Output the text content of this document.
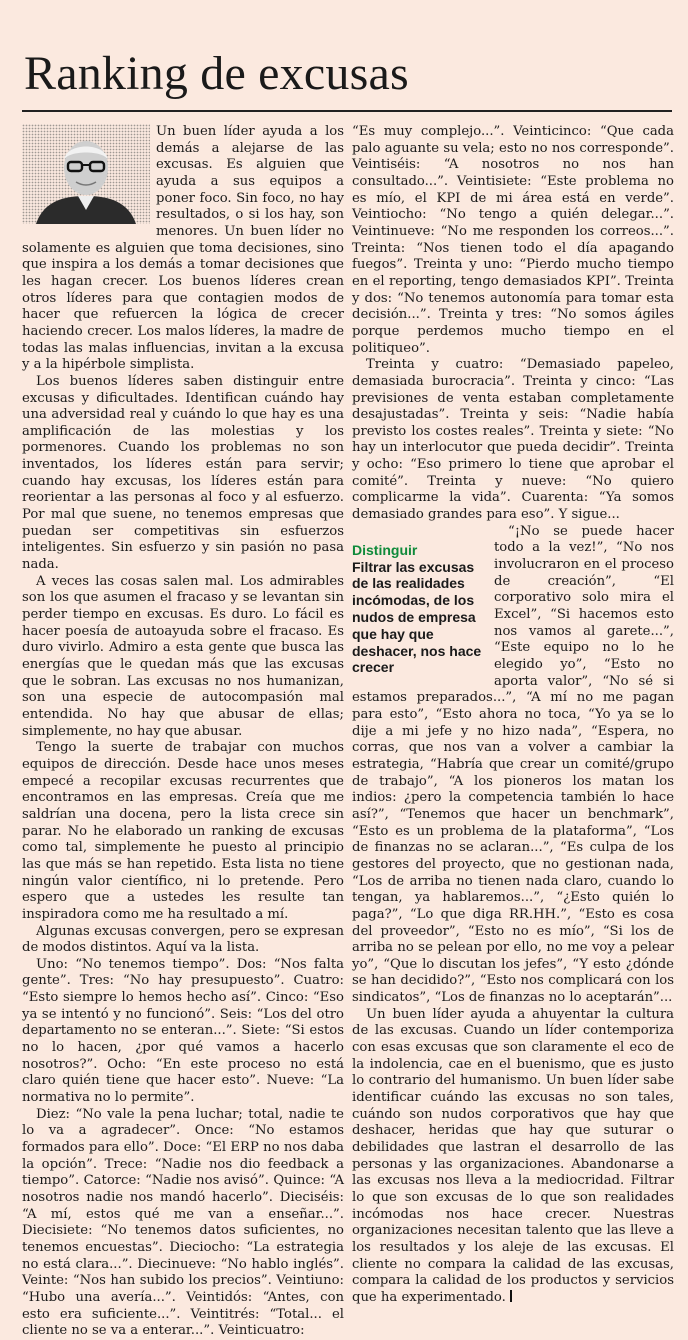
Ranking de excusas

Un buen líder ayuda a los demás a alejarse de las excusas. Es alguien que ayuda a sus equipos a poner foco. Sin foco, no hay resultados, o si los hay, son menores. Un buen líder no solamente es alguien que toma decisiones, sino que inspira a los demás a tomar decisiones que les hagan crecer. Los buenos líderes crean otros líderes para que contagien modos de hacer que refuercen la lógica de crecer haciendo crecer. Los malos líderes, la madre de todas las malas influencias, invitan a la excusa y a la hipérbole simplista.

Los buenos líderes saben distinguir entre excusas y dificultades. Identifican cuándo hay una adversidad real y cuándo lo que hay es una amplificación de las molestias y los pormenores. Cuando los problemas no son inventados, los líderes están para servir; cuando hay excusas, los líderes están para reorientar a las personas al foco y al esfuerzo. Por mal que suene, no tenemos empresas que puedan ser competitivas sin esfuerzos inteligentes. Sin esfuerzo y sin pasión no pasa nada.

A veces las cosas salen mal. Los admirables son los que asumen el fracaso y se levantan sin perder tiempo en excusas. Es duro. Lo fácil es hacer poesía de autoayuda sobre el fracaso. Es duro vivirlo. Admiro a esta gente que busca las energías que le quedan más que las excusas que le sobran. Las excusas no nos humanizan, son una especie de autocompasión mal entendida. No hay que abusar de ellas; simplemente, no hay que abusar.

Tengo la suerte de trabajar con muchos equipos de dirección. Desde hace unos meses empecé a recopilar excusas recurrentes que encontramos en las empresas. Creía que me saldrían una docena, pero la lista crece sin parar. No he elaborado un ranking de excusas como tal, simplemente he puesto al principio las que más se han repetido. Esta lista no tiene ningún valor científico, ni lo pretende. Pero espero que a ustedes les resulte tan inspiradora como me ha resultado a mí.

Algunas excusas convergen, pero se expresan de modos distintos. Aquí va la lista.

Uno: “No tenemos tiempo”. Dos: “Nos falta gente”. Tres: “No hay presupuesto”. Cuatro: “Esto siempre lo hemos hecho así”. Cinco: “Eso ya se intentó y no funcionó”. Seis: “Los del otro departamento no se enteran...”. Siete: “Si estos no lo hacen, ¿por qué vamos a hacerlo nosotros?”. Ocho: “En este proceso no está claro quién tiene que hacer esto”. Nueve: “La normativa no lo permite”.

Diez: “No vale la pena luchar; total, nadie te lo va a agradecer”. Once: “No estamos formados para ello”. Doce: “El ERP no nos daba la opción”. Trece: “Nadie nos dio feedback a tiempo”. Catorce: “Nadie nos avisó”. Quince: “A nosotros nadie nos mandó hacerlo”. Dieciséis: “A mí, estos qué me van a enseñar...”. Diecisiete: “No tenemos datos suficientes, no tenemos encuestas”. Dieciocho: “La estrategia no está clara...”. Diecinueve: “No hablo inglés”. Veinte: “Nos han subido los precios”. Veintiuno: “Hubo una avería...”. Veintidós: “Antes, con esto era suficiente...”. Veintitrés: “Total... el cliente no se va a enterar...”. Veinticuatro:

“Es muy complejo...”. Veinticinco: “Que cada palo aguante su vela; esto no nos corresponde”. Veintiséis: “A nosotros no nos han consultado...”. Veintisiete: “Este problema no es mío, el KPI de mi área está en verde”. Veintiocho: “No tengo a quién delegar...”. Veintinueve: “No me responden los correos...”. Treinta: “Nos tienen todo el día apagando fuegos”. Treinta y uno: “Pierdo mucho tiempo en el reporting, tengo demasiados KPI”. Treinta y dos: “No tenemos autonomía para tomar esta decisión...”. Treinta y tres: “No somos ágiles porque perdemos mucho tiempo en el politiqueo”.

Treinta y cuatro: “Demasiado papeleo, demasiada burocracia”. Treinta y cinco: “Las previsiones de venta estaban completamente desajustadas”. Treinta y seis: “Nadie había previsto los costes reales”. Treinta y siete: “No hay un interlocutor que pueda decidir”. Treinta y ocho: “Eso primero lo tiene que aprobar el comité”. Treinta y nueve: “No quiero complicarme la vida”. Cuarenta: “Ya somos demasiado grandes para eso”. Y sigue...

Distinguir
Filtrar las excusas de las realidades incómodas, de los nudos de empresa que hay que deshacer, nos hace crecer

“¡No se puede hacer todo a la vez!”, “No nos involucraron en el proceso de creación”, “El corporativo solo mira el Excel”, “Si hacemos esto nos vamos al garete...”, “Este equipo no lo he elegido yo”, “Esto no aporta valor”, “No sé si estamos preparados...”, “A mí no me pagan para esto”, “Esto ahora no toca, “Yo ya se lo dije a mi jefe y no hizo nada”, “Espera, no corras, que nos van a volver a cambiar la estrategia, “Habría que crear un comité/grupo de trabajo”, “A los pioneros los matan los indios: ¿pero la competencia también lo hace así?”, “Tenemos que hacer un benchmark”, “Esto es un problema de la plataforma”, “Los de finanzas no se aclaran...”, “Es culpa de los gestores del proyecto, que no gestionan nada, “Los de arriba no tienen nada claro, cuando lo tengan, ya hablaremos...”, “¿Esto quién lo paga?”, “Lo que diga RR.HH.”, “Esto es cosa del proveedor”, “Esto no es mío”, “Si los de arriba no se pelean por ello, no me voy a pelear yo”, “Que lo discutan los jefes”, “Y esto ¿dónde se han decidido?”, “Esto nos complicará con los sindicatos”, “Los de finanzas no lo aceptarán”...

Un buen líder ayuda a ahuyentar la cultura de las excusas. Cuando un líder contemporiza con esas excusas que son claramente el eco de la indolencia, cae en el buenismo, que es justo lo contrario del humanismo. Un buen líder sabe identificar cuándo las excusas no son tales, cuándo son nudos corporativos que hay que deshacer, heridas que hay que suturar o debilidades que lastran el desarrollo de las personas y las organizaciones. Abandonarse a las excusas nos lleva a la mediocridad. Filtrar lo que son excusas de lo que son realidades incómodas nos hace crecer. Nuestras organizaciones necesitan talento que las lleve a los resultados y los aleje de las excusas. El cliente no compara la calidad de las excusas, compara la calidad de los productos y servicios que ha experimentado.
